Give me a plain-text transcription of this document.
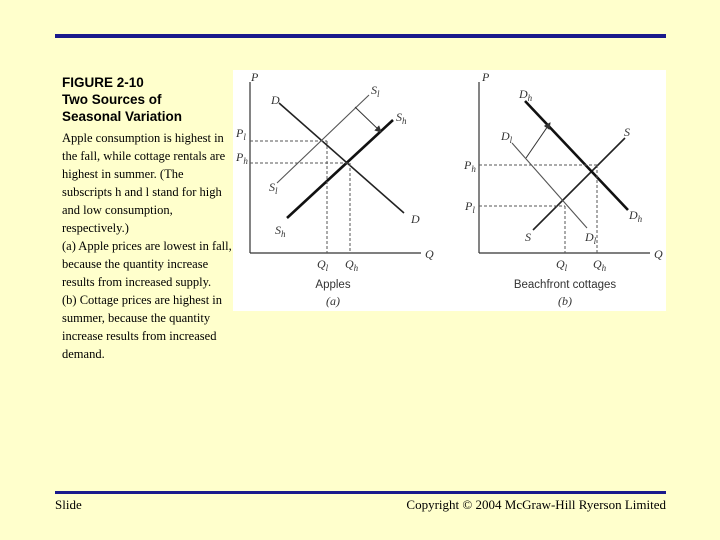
FIGURE 2-10
Two Sources of
Seasonal Variation
Apple consumption is highest in the fall, while cottage rentals are highest in summer. (The subscripts h and l stand for high and low consumption, respectively.)
(a) Apple prices are lowest in fall, because the quantity increase results from increased supply.
(b) Cottage prices are highest in summer, because the quantity increase results from increased demand.
P
Q
D
D
$S_l$
$S_l$
$S_h$
$S_h$
$P_l$
$P_h$
$Q_l$ $Q_h$
Apples
(a)
P
Q
S
S
$D_l$
$D_l$
$D_h$
$D_h$
$P_h$
$P_l$
$Q_l$ $Q_h$
Beachfront cottages
(b)
Slide	Copyright © 2004 McGraw-Hill Ryerson Limited
